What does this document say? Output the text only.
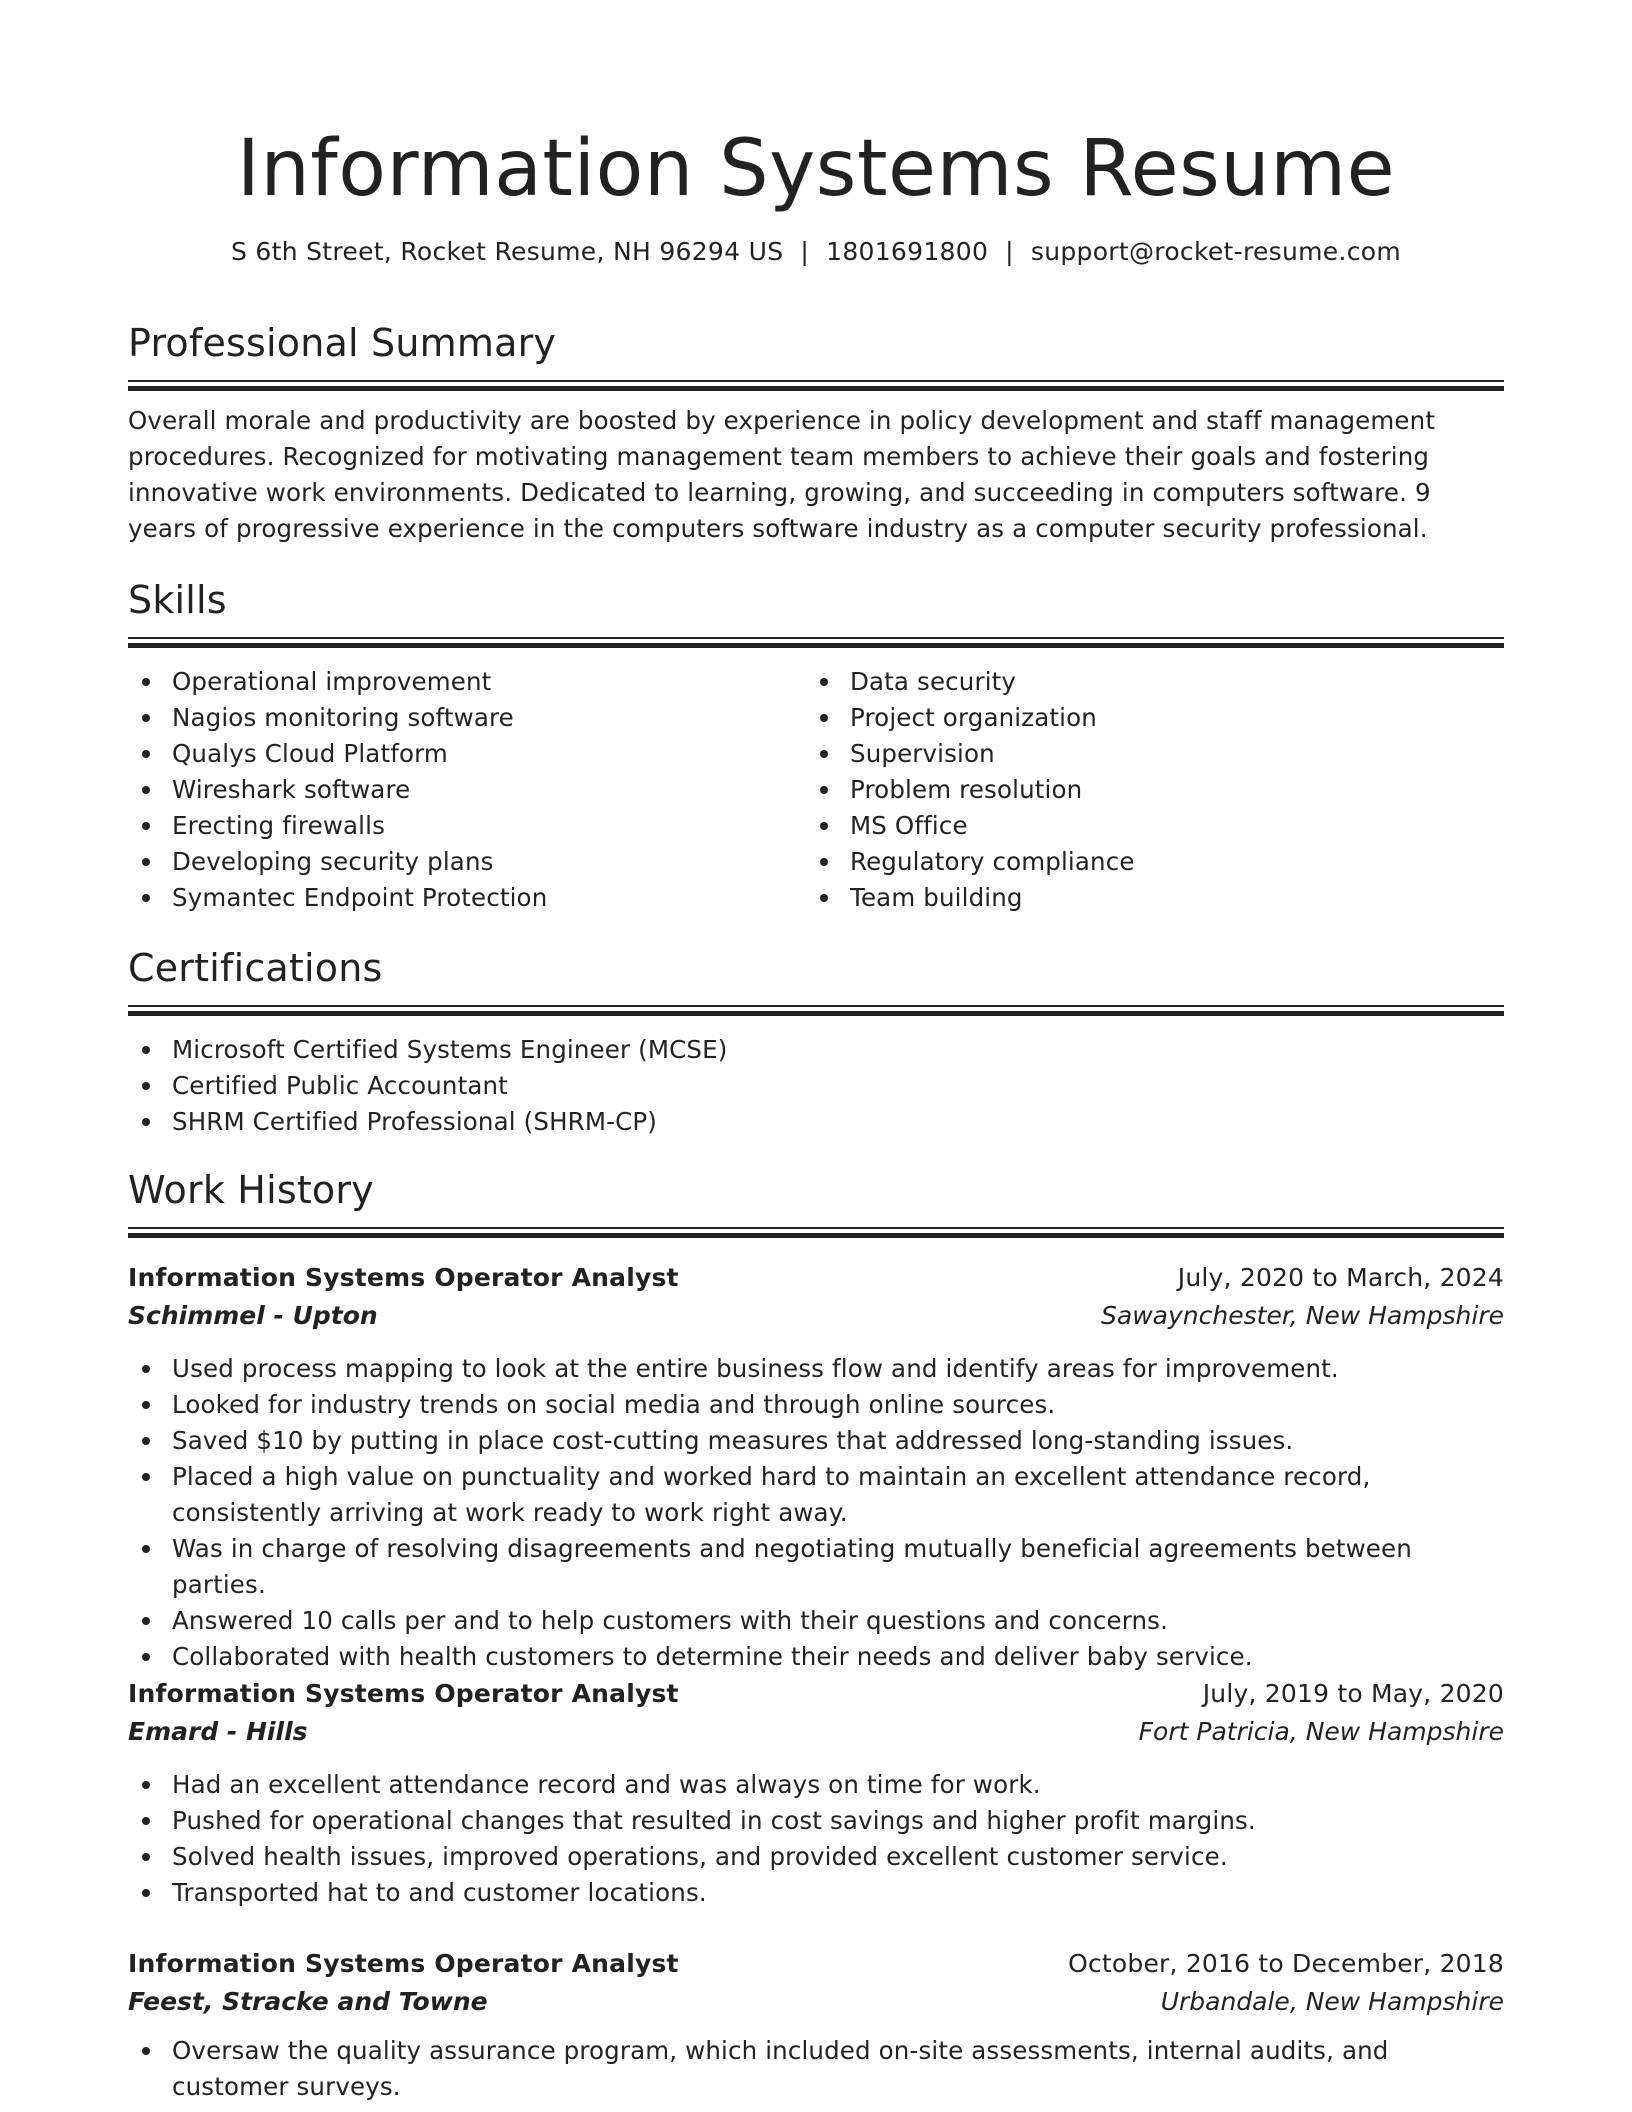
Information Systems Resume
S 6th Street, Rocket Resume, NH 96294 US | 1801691800 | support@rocket-resume.com
Professional Summary
Overall morale and productivity are boosted by experience in policy development and staff management procedures. Recognized for motivating management team members to achieve their goals and fostering innovative work environments. Dedicated to learning, growing, and succeeding in computers software. 9 years of progressive experience in the computers software industry as a computer security professional.
Skills
Operational improvement
Nagios monitoring software
Qualys Cloud Platform
Wireshark software
Erecting firewalls
Developing security plans
Symantec Endpoint Protection
Data security
Project organization
Supervision
Problem resolution
MS Office
Regulatory compliance
Team building
Certifications
Microsoft Certified Systems Engineer (MCSE)
Certified Public Accountant
SHRM Certified Professional (SHRM-CP)
Work History
Information Systems Operator Analyst	July, 2020 to March, 2024
Schimmel - Upton	Sawaynchester, New Hampshire
Used process mapping to look at the entire business flow and identify areas for improvement.
Looked for industry trends on social media and through online sources.
Saved $10 by putting in place cost-cutting measures that addressed long-standing issues.
Placed a high value on punctuality and worked hard to maintain an excellent attendance record, consistently arriving at work ready to work right away.
Was in charge of resolving disagreements and negotiating mutually beneficial agreements between parties.
Answered 10 calls per and to help customers with their questions and concerns.
Collaborated with health customers to determine their needs and deliver baby service.
Information Systems Operator Analyst	July, 2019 to May, 2020
Emard - Hills	Fort Patricia, New Hampshire
Had an excellent attendance record and was always on time for work.
Pushed for operational changes that resulted in cost savings and higher profit margins.
Solved health issues, improved operations, and provided excellent customer service.
Transported hat to and customer locations.
Information Systems Operator Analyst	October, 2016 to December, 2018
Feest, Stracke and Towne	Urbandale, New Hampshire
Oversaw the quality assurance program, which included on-site assessments, internal audits, and customer surveys.
